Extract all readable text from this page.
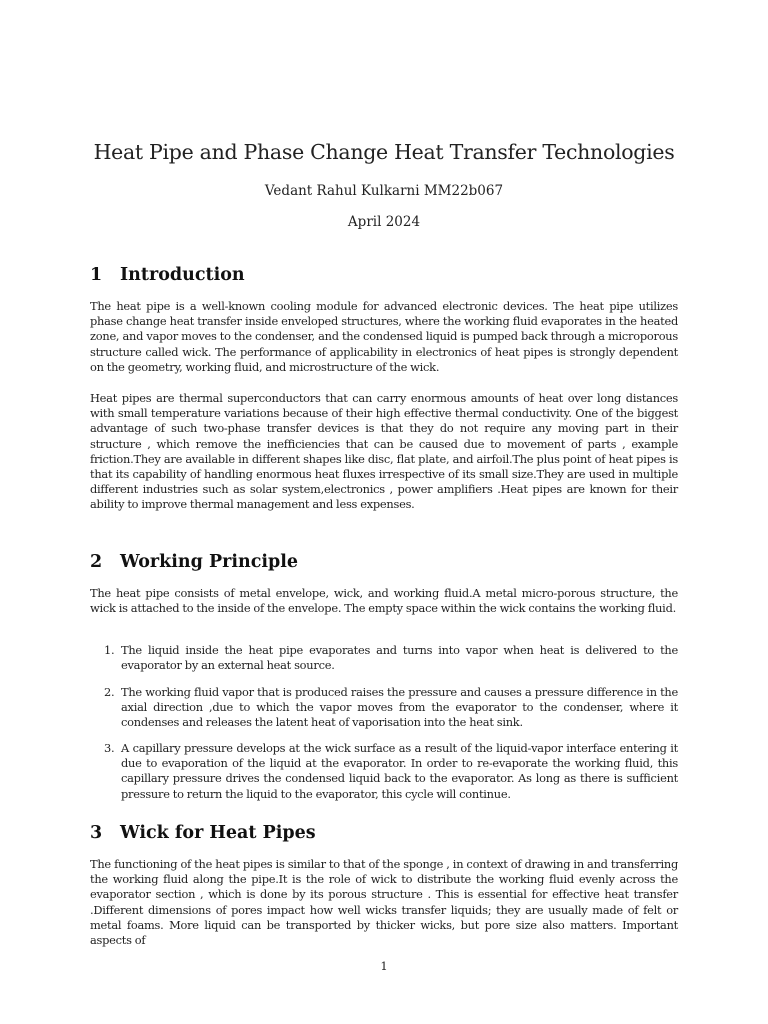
Heat Pipe and Phase Change Heat Transfer Technologies
Vedant Rahul Kulkarni MM22b067
April 2024
1 Introduction
The heat pipe is a well-known cooling module for advanced electronic devices. The heat pipe utilizes phase change heat transfer inside enveloped structures, where the working fluid evaporates in the heated zone, and vapor moves to the condenser, and the condensed liquid is pumped back through a microporous structure called wick. The performance of applicability in electronics of heat pipes is strongly dependent on the geometry, working fluid, and microstructure of the wick.
Heat pipes are thermal superconductors that can carry enormous amounts of heat over long distances with small temperature variations because of their high effective thermal conductivity. One of the biggest advantage of such two-phase transfer devices is that they do not require any moving part in their structure , which remove the inefficiencies that can be caused due to movement of parts , example friction.They are available in different shapes like disc, flat plate, and airfoil.The plus point of heat pipes is that its capability of handling enormous heat fluxes irrespective of its small size.They are used in multiple different industries such as solar system,electronics , power amplifiers .Heat pipes are known for their ability to improve thermal management and less expenses.
2 Working Principle
The heat pipe consists of metal envelope, wick, and working fluid.A metal micro-porous structure, the wick is attached to the inside of the envelope. The empty space within the wick contains the working fluid.
1. The liquid inside the heat pipe evaporates and turns into vapor when heat is delivered to the evaporator by an external heat source.
2. The working fluid vapor that is produced raises the pressure and causes a pressure difference in the axial direction ,due to which the vapor moves from the evaporator to the condenser, where it condenses and releases the latent heat of vaporisation into the heat sink.
3. A capillary pressure develops at the wick surface as a result of the liquid-vapor interface entering it due to evaporation of the liquid at the evaporator. In order to re-evaporate the working fluid, this capillary pressure drives the condensed liquid back to the evaporator. As long as there is sufficient pressure to return the liquid to the evaporator, this cycle will continue.
3 Wick for Heat Pipes
The functioning of the heat pipes is similar to that of the sponge , in context of drawing in and transferring the working fluid along the pipe.It is the role of wick to distribute the working fluid evenly across the evaporator section , which is done by its porous structure . This is essential for effective heat transfer .Different dimensions of pores impact how well wicks transfer liquids; they are usually made of felt or metal foams. More liquid can be transported by thicker wicks, but pore size also matters. Important aspects of
1
